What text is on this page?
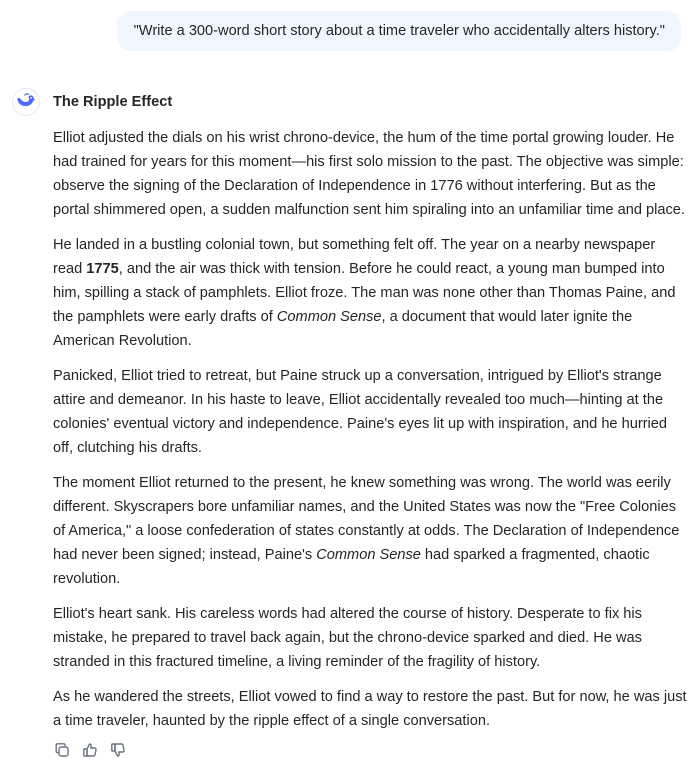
"Write a 300-word short story about a time traveler who accidentally alters history."
The Ripple Effect

Elliot adjusted the dials on his wrist chrono-device, the hum of the time portal growing louder. He had trained for years for this moment—his first solo mission to the past. The objective was simple: observe the signing of the Declaration of Independence in 1776 without interfering. But as the portal shimmered open, a sudden malfunction sent him spiraling into an unfamiliar time and place.

He landed in a bustling colonial town, but something felt off. The year on a nearby newspaper read 1775, and the air was thick with tension. Before he could react, a young man bumped into him, spilling a stack of pamphlets. Elliot froze. The man was none other than Thomas Paine, and the pamphlets were early drafts of Common Sense, a document that would later ignite the American Revolution.

Panicked, Elliot tried to retreat, but Paine struck up a conversation, intrigued by Elliot's strange attire and demeanor. In his haste to leave, Elliot accidentally revealed too much—hinting at the colonies' eventual victory and independence. Paine's eyes lit up with inspiration, and he hurried off, clutching his drafts.

The moment Elliot returned to the present, he knew something was wrong. The world was eerily different. Skyscrapers bore unfamiliar names, and the United States was now the "Free Colonies of America," a loose confederation of states constantly at odds. The Declaration of Independence had never been signed; instead, Paine's Common Sense had sparked a fragmented, chaotic revolution.

Elliot's heart sank. His careless words had altered the course of history. Desperate to fix his mistake, he prepared to travel back again, but the chrono-device sparked and died. He was stranded in this fractured timeline, a living reminder of the fragility of history.

As he wandered the streets, Elliot vowed to find a way to restore the past. But for now, he was just a time traveler, haunted by the ripple effect of a single conversation.
